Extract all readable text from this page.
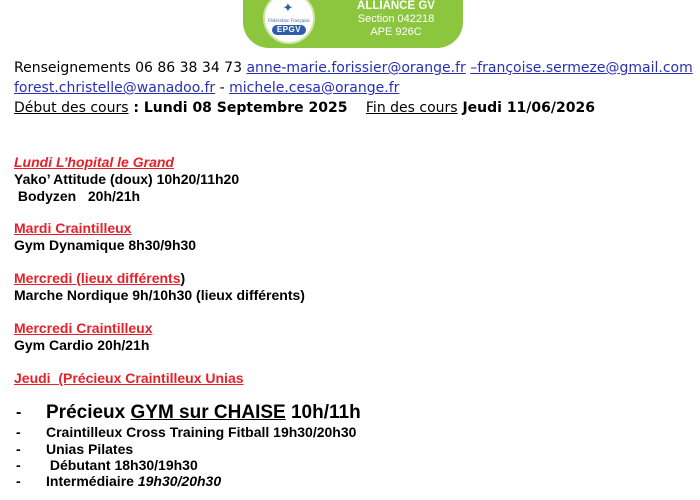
✦
Fédération Française
EPGV
ALLIANCE GV
Section 042218
APE 926C
Renseignements 06 86 38 34 73 anne-marie.forissier@orange.fr –françoise.sermeze@gmail.com
forest.christelle@wanadoo.fr - michele.cesa@orange.fr
Début des cours : Lundi 08 Septembre 2025 Fin des cours Jeudi 11/06/2026
Lundi L’hopital le Grand
Yako’ Attitude (doux) 10h20/11h20
Bodyzen   20h/21h
Mardi Craintilleux
Gym Dynamique 8h30/9h30
Mercredi (lieux différents)
Marche Nordique 9h/10h30 (lieux différents)
Mercredi Craintilleux
Gym Cardio 20h/21h
Jeudi  (Précieux Craintilleux Unias
- Précieux GYM sur CHAISE 10h/11h
- Craintilleux Cross Training Fitball 19h30/20h30
- Unias Pilates
- Débutant 18h30/19h30
- Intermédiaire 19h30/20h30
